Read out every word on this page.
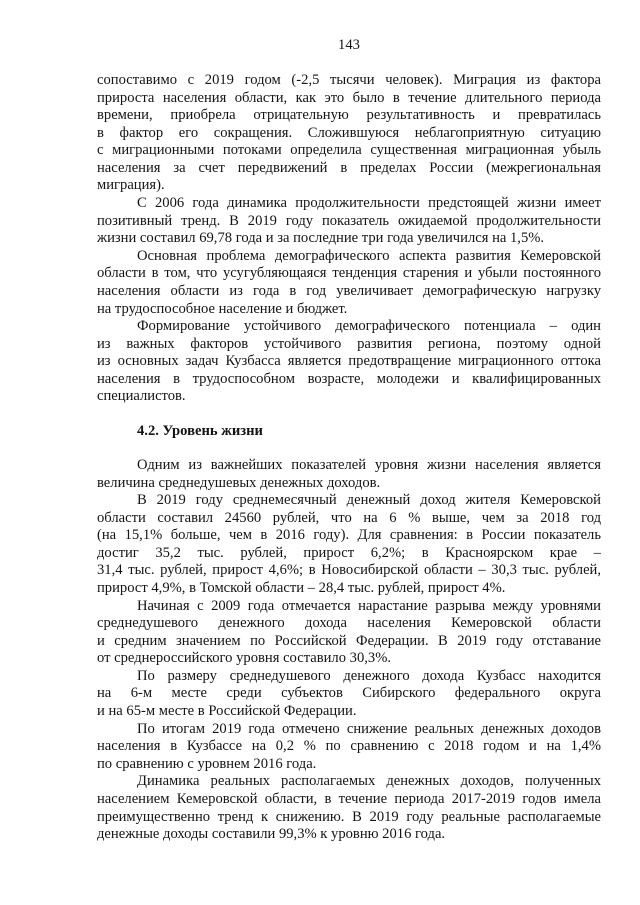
143
сопоставимо с 2019 годом (-2,5 тысячи человек). Миграция из фактора
прироста населения области, как это было в течение длительного периода
времени, приобрела отрицательную результативность и превратилась
в фактор его сокращения. Сложившуюся неблагоприятную ситуацию
с миграционными потоками определила существенная миграционная убыль
населения за счет передвижений в пределах России (межрегиональная
миграция).
С 2006 года динамика продолжительности предстоящей жизни имеет
позитивный тренд. В 2019 году показатель ожидаемой продолжительности
жизни составил 69,78 года и за последние три года увеличился на 1,5%.
Основная проблема демографического аспекта развития Кемеровской
области в том, что усугубляющаяся тенденция старения и убыли постоянного
населения области из года в год увеличивает демографическую нагрузку
на трудоспособное население и бюджет.
Формирование устойчивого демографического потенциала – один
из важных факторов устойчивого развития региона, поэтому одной
из основных задач Кузбасса является предотвращение миграционного оттока
населения в трудоспособном возрасте, молодежи и квалифицированных
специалистов.
4.2. Уровень жизни
Одним из важнейших показателей уровня жизни населения является
величина среднедушевых денежных доходов.
В 2019 году среднемесячный денежный доход жителя Кемеровской
области составил 24560 рублей, что на 6 % выше, чем за 2018 год
(на 15,1% больше, чем в 2016 году). Для сравнения: в России показатель
достиг 35,2 тыс. рублей, прирост 6,2%; в Красноярском крае –
31,4 тыс. рублей, прирост 4,6%; в Новосибирской области – 30,3 тыс. рублей,
прирост 4,9%, в Томской области – 28,4 тыс. рублей, прирост 4%.
Начиная с 2009 года отмечается нарастание разрыва между уровнями
среднедушевого денежного дохода населения Кемеровской области
и средним значением по Российской Федерации. В 2019 году отставание
от среднероссийского уровня составило 30,3%.
По размеру среднедушевого денежного дохода Кузбасс находится
на 6-м месте среди субъектов Сибирского федерального округа
и на 65-м месте в Российской Федерации.
По итогам 2019 года отмечено снижение реальных денежных доходов
населения в Кузбассе на 0,2 % по сравнению с 2018 годом и на 1,4%
по сравнению с уровнем 2016 года.
Динамика реальных располагаемых денежных доходов, полученных
населением Кемеровской области, в течение периода 2017-2019 годов имела
преимущественно тренд к снижению. В 2019 году реальные располагаемые
денежные доходы составили 99,3% к уровню 2016 года.
